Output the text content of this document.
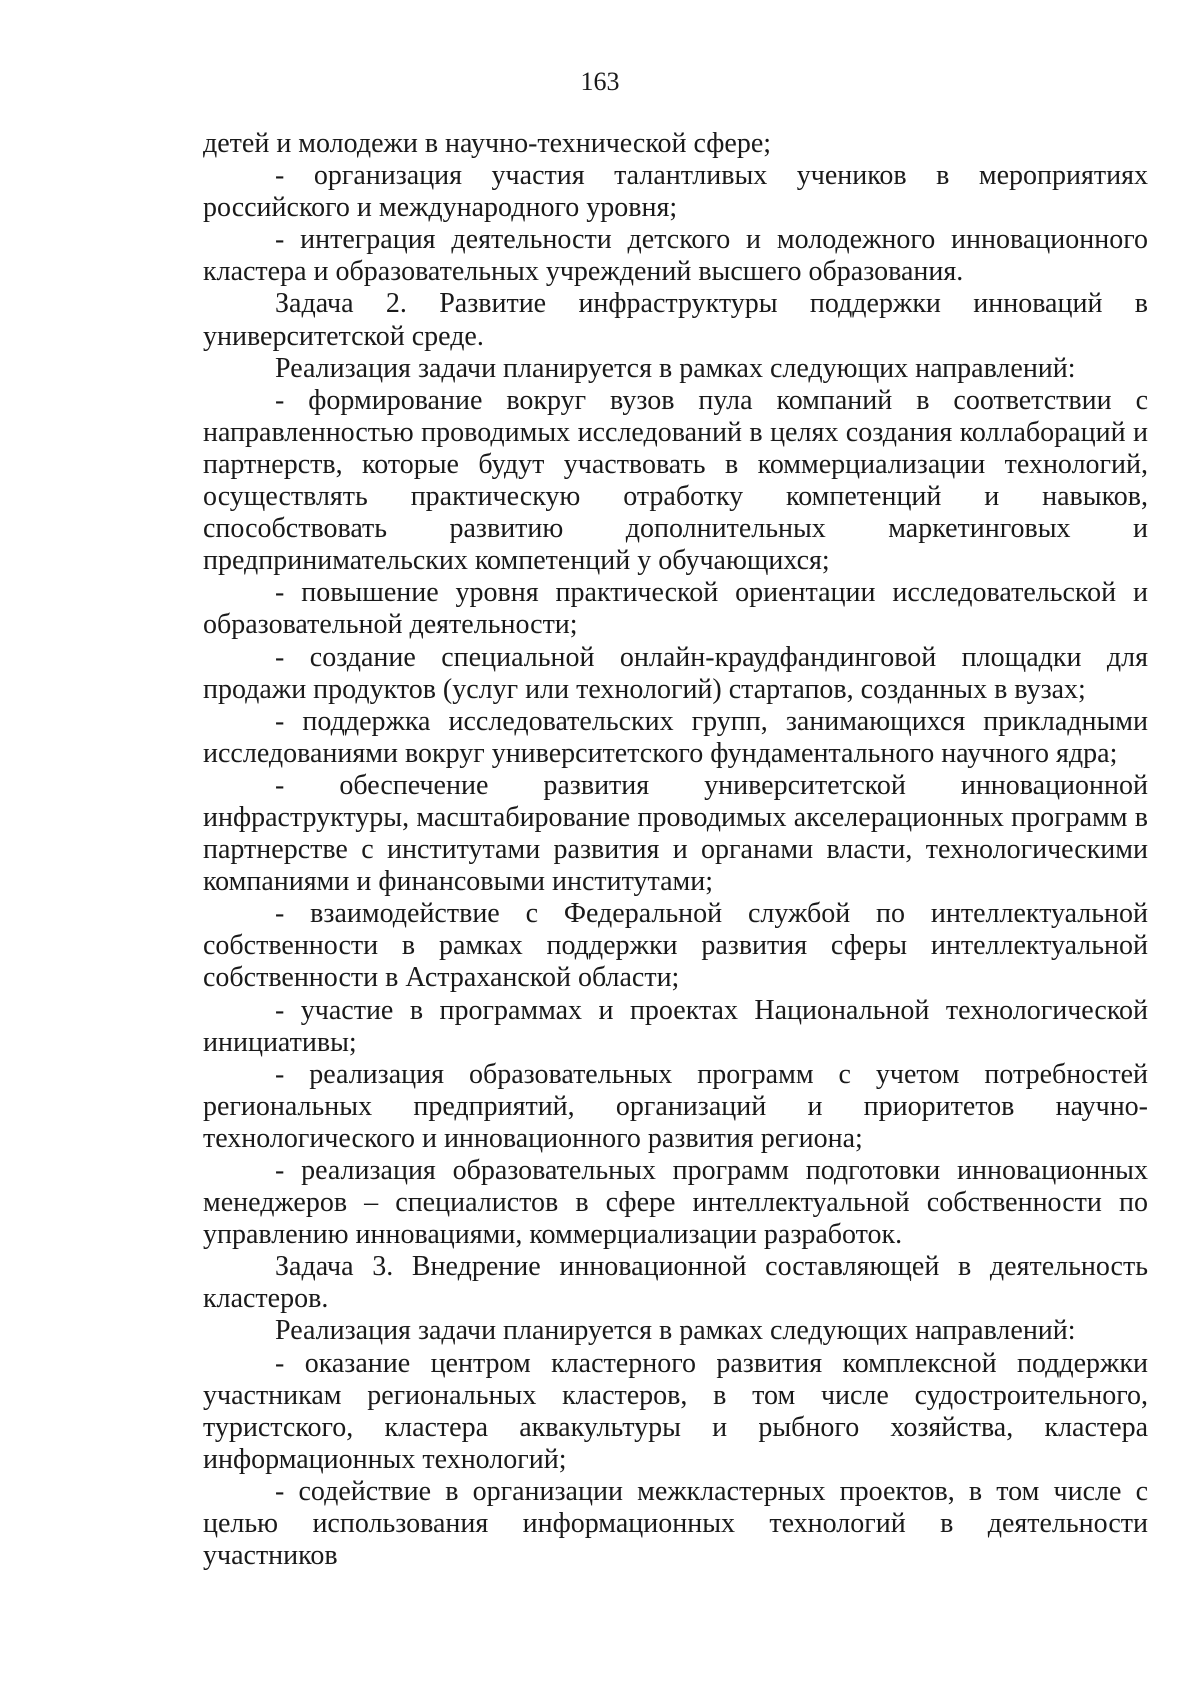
163

детей и молодежи в научно-технической сфере;

- организация участия талантливых учеников в мероприятиях российского и международного уровня;

- интеграция деятельности детского и молодежного инновационного кластера и образовательных учреждений высшего образования.

Задача 2. Развитие инфраструктуры поддержки инноваций в университетской среде.

Реализация задачи планируется в рамках следующих направлений:

- формирование вокруг вузов пула компаний в соответствии с направленностью проводимых исследований в целях создания коллабораций и партнерств, которые будут участвовать в коммерциализации технологий, осуществлять практическую отработку компетенций и навыков, способствовать развитию дополнительных маркетинговых и предпринимательских компетенций у обучающихся;

- повышение уровня практической ориентации исследовательской и образовательной деятельности;

- создание специальной онлайн-краудфандинговой площадки для продажи продуктов (услуг или технологий) стартапов, созданных в вузах;

- поддержка исследовательских групп, занимающихся прикладными исследованиями вокруг университетского фундаментального научного ядра;

- обеспечение развития университетской инновационной инфраструктуры, масштабирование проводимых акселерационных программ в партнерстве с институтами развития и органами власти, технологическими компаниями и финансовыми институтами;

- взаимодействие с Федеральной службой по интеллектуальной собственности в рамках поддержки развития сферы интеллектуальной собственности в Астраханской области;

- участие в программах и проектах Национальной технологической инициативы;

- реализация образовательных программ с учетом потребностей региональных предприятий, организаций и приоритетов научно-технологического и инновационного развития региона;

- реализация образовательных программ подготовки инновационных менеджеров – специалистов в сфере интеллектуальной собственности по управлению инновациями, коммерциализации разработок.

Задача 3. Внедрение инновационной составляющей в деятельность кластеров.

Реализация задачи планируется в рамках следующих направлений:

- оказание центром кластерного развития комплексной поддержки участникам региональных кластеров, в том числе судостроительного, туристского, кластера аквакультуры и рыбного хозяйства, кластера информационных технологий;

- содействие в организации межкластерных проектов, в том числе с целью использования информационных технологий в деятельности участников
